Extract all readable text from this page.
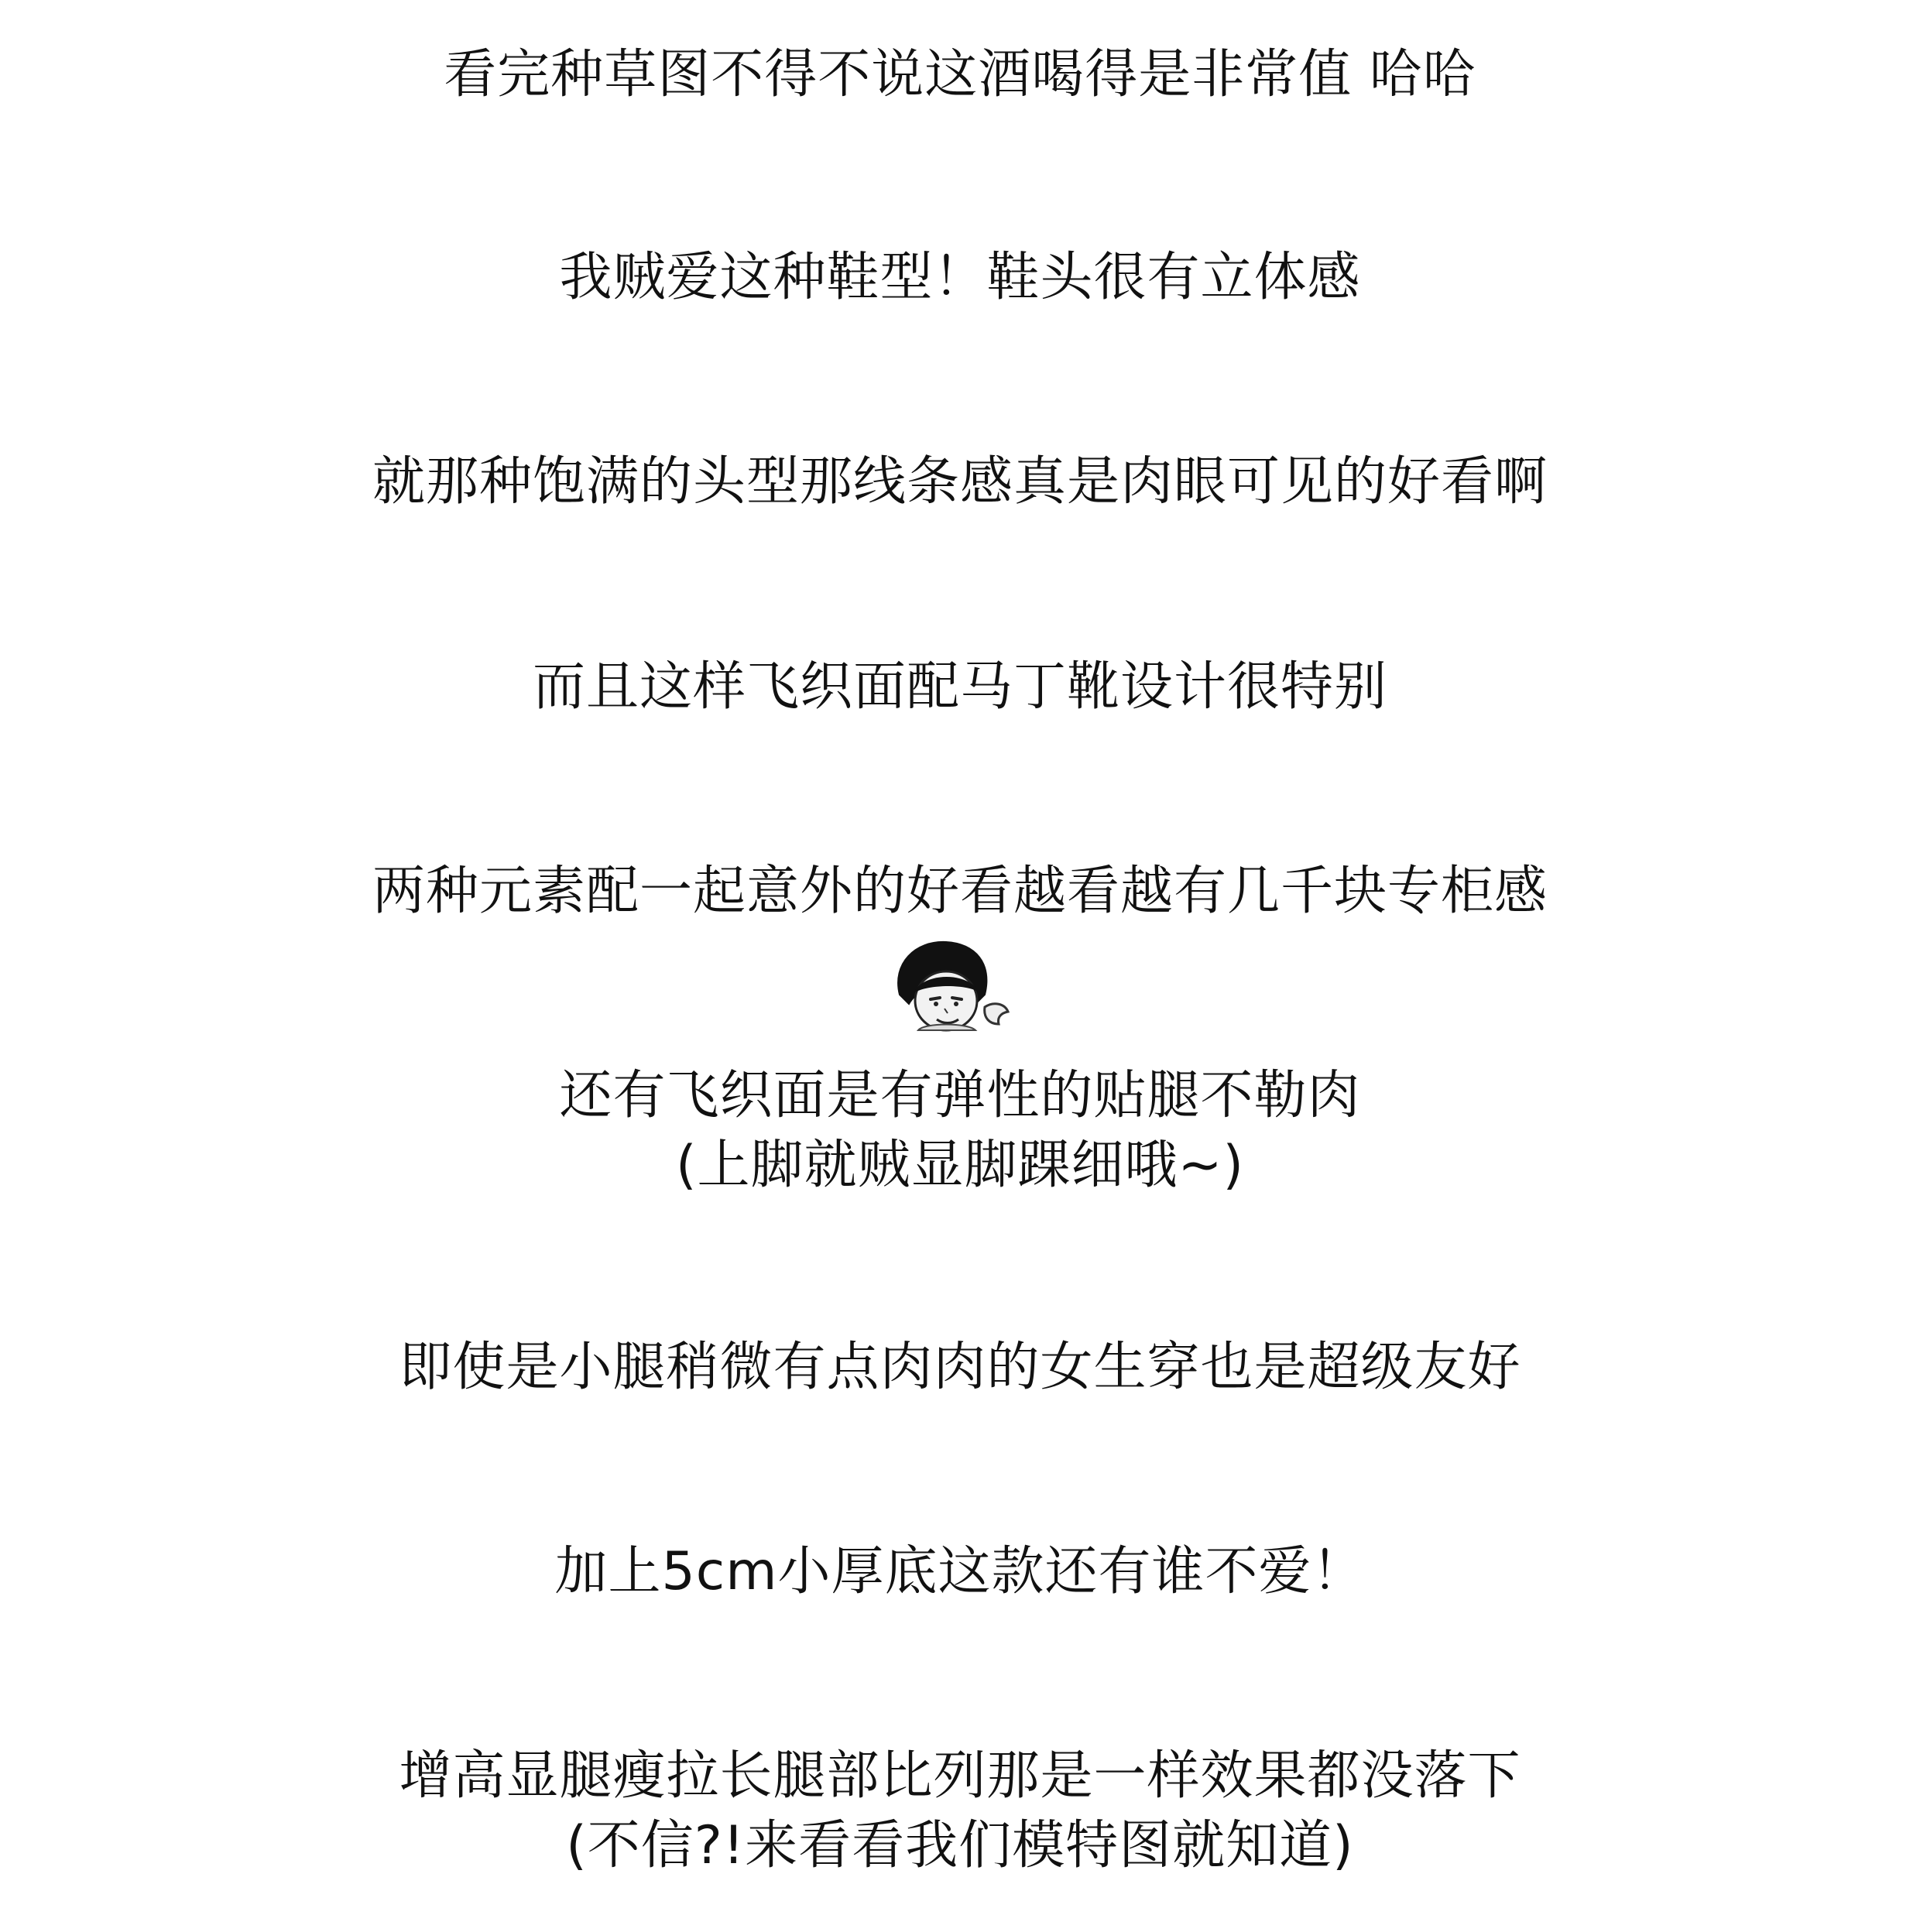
看完种草图不得不说这酒喝得是非常值 哈哈
我贼爱这种鞋型！鞋头很有立体感
就那种饱满的头型那线条感真是肉眼可见的好看啊
而且这样飞织面配马丁靴设计很特别
两种元素配一起意外的好看越看越有几千块专柜感
还有飞织面是有弹性的贴腿不勒肉
(上脚就贼显脚踝细哦~)
即使是小腿稍微有点肉肉的女生穿也是超级友好
加上5cm小厚底这款还有谁不爱！
增高显腿瘦拉长腿部比列那是一样效果都没落下
(不信?!来看看我们模特图就知道)
